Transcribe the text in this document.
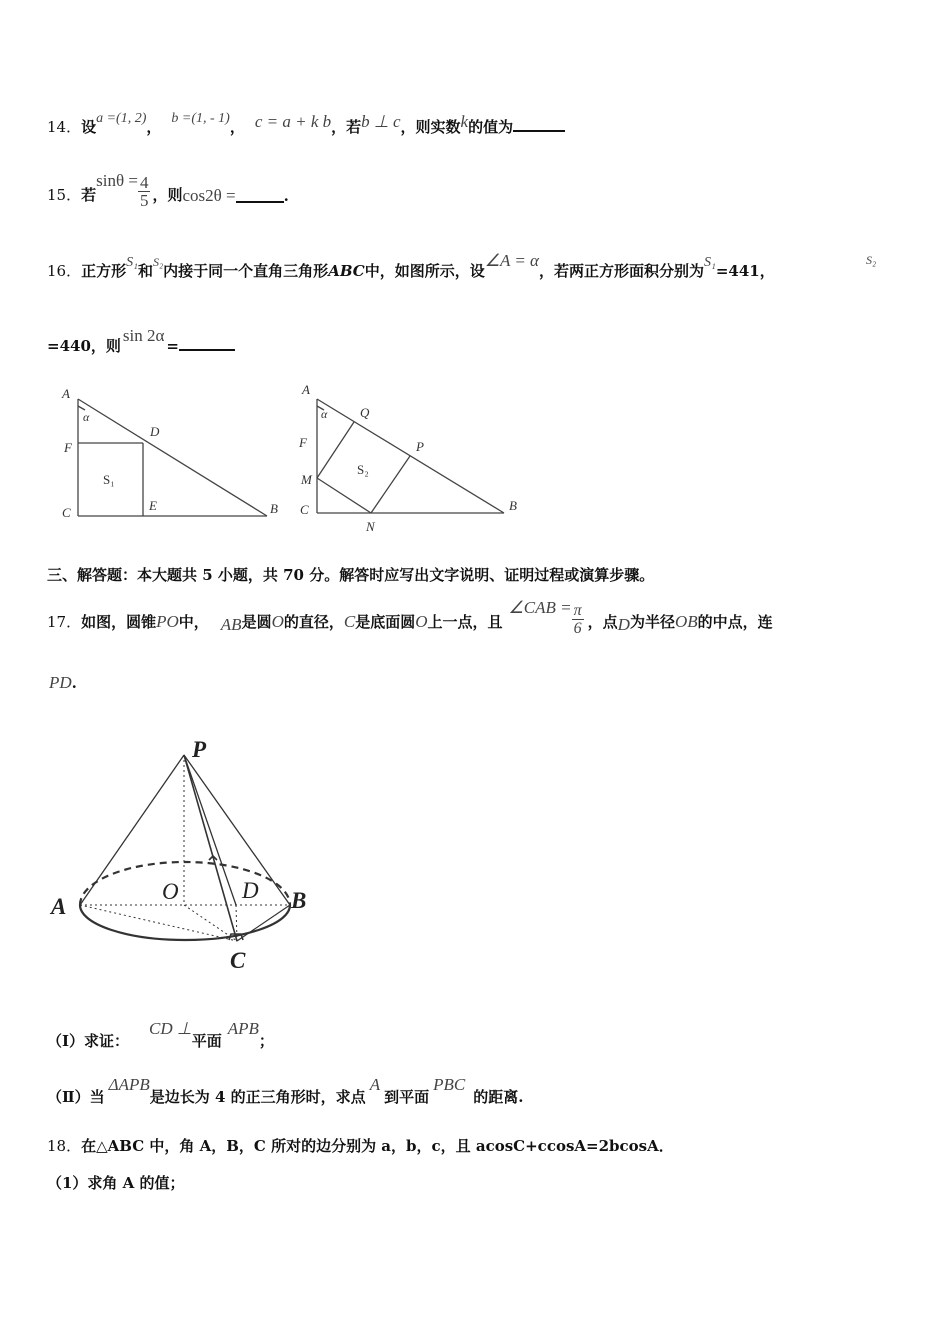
14．设a =(1, 2)， b =(1, - 1)， c = a + k b，若b ⊥ c，则实数k的值为
15． 若
$\sin\theta = \frac{4}{5}$ ，则 cos2θ =	.
16．正方形S₁和$^{S_2}$内接于同一个直角三角形ABC中，如图所示，设∠A = α，若两正方形面积分别为S₁=441，
S₂
=440，则sin 2α=
A
α
D
F
S₁
C	E	B
A
α	Q
F	P
M
S₂
C
N
B
三、解答题：本大题共 5 小题，共 70 分。解答时应写出文字说明、证明过程或演算步骤。
17． 如图，圆锥 PO 中， AB 是圆 O 的直径， C 是底面圆 O 上一点，且
∠CAB = $\frac{\pi}{6}$ ，点 D 为半径 OB 的中点，连
PD.
P
O	D
A	B
C
（Ⅰ）求证：
CD ⊥
平面
APB
；
（Ⅱ）当
ΔAPB
是边长为 4 的正三角形时，求点
A
到平面
PBC
的距离.
18．在△ABC 中，角 A，B，C 所对的边分别为 a，b，c，且 acosC+ccosA=2bcosA．
（1）求角 A 的值；
